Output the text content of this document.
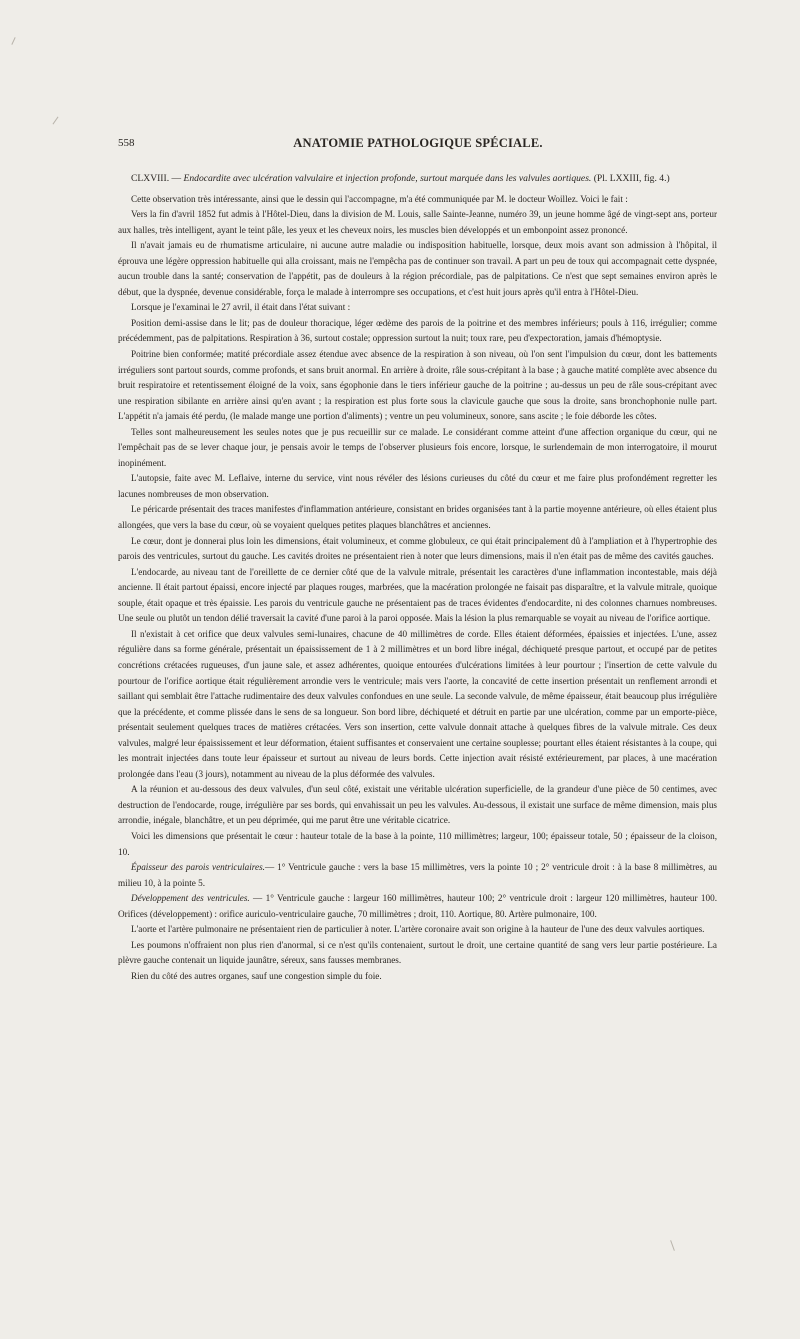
558	ANATOMIE PATHOLOGIQUE SPÉCIALE.

CLXVIII. — Endocardite avec ulcération valvulaire et injection profonde, surtout marquée dans les valvules aortiques. (Pl. LXXIII, fig. 4.)

Cette observation très intéressante, ainsi que le dessin qui l'accompagne, m'a été communiquée par M. le docteur Woillez. Voici le fait :

Vers la fin d'avril 1852 fut admis à l'Hôtel-Dieu, dans la division de M. Louis, salle Sainte-Jeanne, numéro 39, un jeune homme âgé de vingt-sept ans, porteur aux halles, très intelligent, ayant le teint pâle, les yeux et les cheveux noirs, les muscles bien développés et un embonpoint assez prononcé.

Il n'avait jamais eu de rhumatisme articulaire, ni aucune autre maladie ou indisposition habituelle, lorsque, deux mois avant son admission à l'hôpital, il éprouva une légère oppression habituelle qui alla croissant, mais ne l'empêcha pas de continuer son travail. A part un peu de toux qui accompagnait cette dyspnée, aucun trouble dans la santé; conservation de l'appétit, pas de douleurs à la région précordiale, pas de palpitations. Ce n'est que sept semaines environ après le début, que la dyspnée, devenue considérable, força le malade à interrompre ses occupations, et c'est huit jours après qu'il entra à l'Hôtel-Dieu.

Lorsque je l'examinai le 27 avril, il était dans l'état suivant :

Position demi-assise dans le lit; pas de douleur thoracique, léger œdème des parois de la poitrine et des membres inférieurs; pouls à 116, irrégulier; comme précédemment, pas de palpitations. Respiration à 36, surtout costale; oppression surtout la nuit; toux rare, peu d'expectoration, jamais d'hémoptysie.

Poitrine bien conformée; matité précordiale assez étendue avec absence de la respiration à son niveau, où l'on sent l'impulsion du cœur, dont les battements irréguliers sont partout sourds, comme profonds, et sans bruit anormal. En arrière à droite, râle sous-crépitant à la base ; à gauche matité complète avec absence du bruit respiratoire et retentissement éloigné de la voix, sans égophonie dans le tiers inférieur gauche de la poitrine ; au-dessus un peu de râle sous-crépitant avec une respiration sibilante en arrière ainsi qu'en avant ; la respiration est plus forte sous la clavicule gauche que sous la droite, sans bronchophonie nulle part. L'appétit n'a jamais été perdu, (le malade mange une portion d'aliments) ; ventre un peu volumineux, sonore, sans ascite ; le foie déborde les côtes.

Telles sont malheureusement les seules notes que je pus recueillir sur ce malade. Le considérant comme atteint d'une affection organique du cœur, qui ne l'empêchait pas de se lever chaque jour, je pensais avoir le temps de l'observer plusieurs fois encore, lorsque, le surlendemain de mon interrogatoire, il mourut inopinément.

L'autopsie, faite avec M. Leflaive, interne du service, vint nous révéler des lésions curieuses du côté du cœur et me faire plus profondément regretter les lacunes nombreuses de mon observation.

Le péricarde présentait des traces manifestes d'inflammation antérieure, consistant en brides organisées tant à la partie moyenne antérieure, où elles étaient plus allongées, que vers la base du cœur, où se voyaient quelques petites plaques blanchâtres et anciennes.

Le cœur, dont je donnerai plus loin les dimensions, était volumineux, et comme globuleux, ce qui était principalement dû à l'ampliation et à l'hypertrophie des parois des ventricules, surtout du gauche. Les cavités droites ne présentaient rien à noter que leurs dimensions, mais il n'en était pas de même des cavités gauches.

L'endocarde, au niveau tant de l'oreillette de ce dernier côté que de la valvule mitrale, présentait les caractères d'une inflammation incontestable, mais déjà ancienne. Il était partout épaissi, encore injecté par plaques rouges, marbrées, que la macération prolongée ne faisait pas disparaître, et la valvule mitrale, quoique souple, était opaque et très épaissie. Les parois du ventricule gauche ne présentaient pas de traces évidentes d'endocardite, ni des colonnes charnues nombreuses. Une seule ou plutôt un tendon délié traversait la cavité d'une paroi à la paroi opposée. Mais la lésion la plus remarquable se voyait au niveau de l'orifice aortique.

Il n'existait à cet orifice que deux valvules semi-lunaires, chacune de 40 millimètres de corde. Elles étaient déformées, épaissies et injectées. L'une, assez régulière dans sa forme générale, présentait un épaississement de 1 à 2 millimètres et un bord libre inégal, déchiqueté presque partout, et occupé par de petites concrétions crétacées rugueuses, d'un jaune sale, et assez adhérentes, quoique entourées d'ulcérations limitées à leur pourtour ; l'insertion de cette valvule du pourtour de l'orifice aortique était régulièrement arrondie vers le ventricule; mais vers l'aorte, la concavité de cette insertion présentait un renflement arrondi et saillant qui semblait être l'attache rudimentaire des deux valvules confondues en une seule. La seconde valvule, de même épaisseur, était beaucoup plus irrégulière que la précédente, et comme plissée dans le sens de sa longueur. Son bord libre, déchiqueté et détruit en partie par une ulcération, comme par un emporte-pièce, présentait seulement quelques traces de matières crétacées. Vers son insertion, cette valvule donnait attache à quelques fibres de la valvule mitrale. Ces deux valvules, malgré leur épaississement et leur déformation, étaient suffisantes et conservaient une certaine souplesse; pourtant elles étaient résistantes à la coupe, qui les montrait injectées dans toute leur épaisseur et surtout au niveau de leurs bords. Cette injection avait résisté extérieurement, par places, à une macération prolongée dans l'eau (3 jours), notamment au niveau de la plus déformée des valvules.

A la réunion et au-dessous des deux valvules, d'un seul côté, existait une véritable ulcération superficielle, de la grandeur d'une pièce de 50 centimes, avec destruction de l'endocarde, rouge, irrégulière par ses bords, qui envahissait un peu les valvules. Au-dessous, il existait une surface de même dimension, mais plus arrondie, inégale, blanchâtre, et un peu déprimée, qui me parut être une véritable cicatrice.

Voici les dimensions que présentait le cœur : hauteur totale de la base à la pointe, 110 millimètres; largeur, 100; épaisseur totale, 50 ; épaisseur de la cloison, 10.

Épaisseur des parois ventriculaires.— 1° Ventricule gauche : vers la base 15 millimètres, vers la pointe 10 ; 2° ventricule droit : à la base 8 millimètres, au milieu 10, à la pointe 5.

Développement des ventricules. — 1° Ventricule gauche : largeur 160 millimètres, hauteur 100; 2° ventricule droit : largeur 120 millimètres, hauteur 100. Orifices (développement) : orifice auriculo-ventriculaire gauche, 70 millimètres ; droit, 110. Aortique, 80. Artère pulmonaire, 100.

L'aorte et l'artère pulmonaire ne présentaient rien de particulier à noter. L'artère coronaire avait son origine à la hauteur de l'une des deux valvules aortiques.

Les poumons n'offraient non plus rien d'anormal, si ce n'est qu'ils contenaient, surtout le droit, une certaine quantité de sang vers leur partie postérieure. La plèvre gauche contenait un liquide jaunâtre, séreux, sans fausses membranes.

Rien du côté des autres organes, sauf une congestion simple du foie.
